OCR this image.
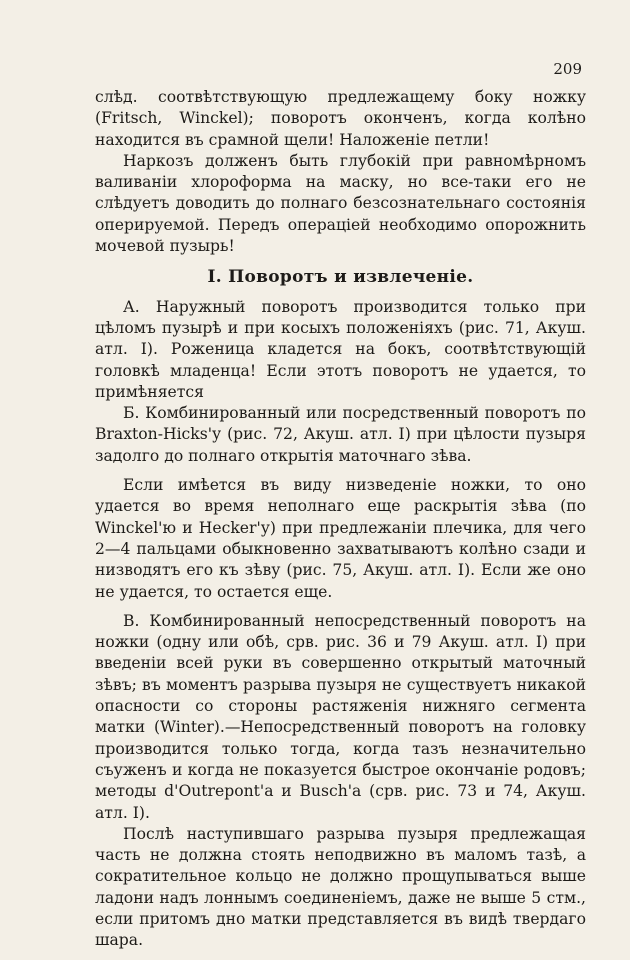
209

слѣд. соотвѣтствующую предлежащему боку ножку (Fritsch, Winckel); поворотъ оконченъ, когда колѣно находится въ срамной щели! Наложеніе петли!

Наркозъ долженъ быть глубокій при равномѣрномъ валиваніи хлороформа на маску, но все-таки его не слѣдуетъ доводить до полнаго безсознательнаго состоянія оперируемой. Передъ операціей необходимо опорожнить мочевой пузырь!

I. Поворотъ и извлеченіе.

А. Наружный поворотъ производится только при цѣломъ пузырѣ и при косыхъ положеніяхъ (рис. 71, Акуш. атл. I). Роженица кладется на бокъ, соотвѣтствующій головкѣ младенца! Если этотъ поворотъ не удается, то примѣняется

Б. Комбинированный или посредственный поворотъ по Braxton-Hicks'у (рис. 72, Акуш. атл. I) при цѣлости пузыря задолго до полнаго открытія маточнаго зѣва.

Если имѣется въ виду низведеніе ножки, то оно удается во время неполнаго еще раскрытія зѣва (по Winckel'ю и Hecker'у) при предлежаніи плечика, для чего 2—4 пальцами обыкновенно захватываютъ колѣно сзади и низводятъ его къ зѣву (рис. 75, Акуш. атл. I). Если же оно не удается, то остается еще.

В. Комбинированный непосредственный поворотъ на ножки (одну или обѣ, срв. рис. 36 и 79 Акуш. атл. I) при введеніи всей руки въ совершенно открытый маточный зѣвъ; въ моментъ разрыва пузыря не существуетъ никакой опасности со стороны растяженія нижняго сегмента матки (Winter).—Непосредственный поворотъ на головку производится только тогда, когда тазъ незначительно съуженъ и когда не показуется быстрое окончаніе родовъ; методы d'Outrepont'a и Busch'a (срв. рис. 73 и 74, Акуш. атл. I).

Послѣ наступившаго разрыва пузыря предлежащая часть не должна стоять неподвижно въ маломъ тазѣ, а сократительное кольцо не должно прощупываться выше ладони надъ лоннымъ соединеніемъ, даже не выше 5 стм., если притомъ дно матки представляется въ видѣ твердаго шара.
